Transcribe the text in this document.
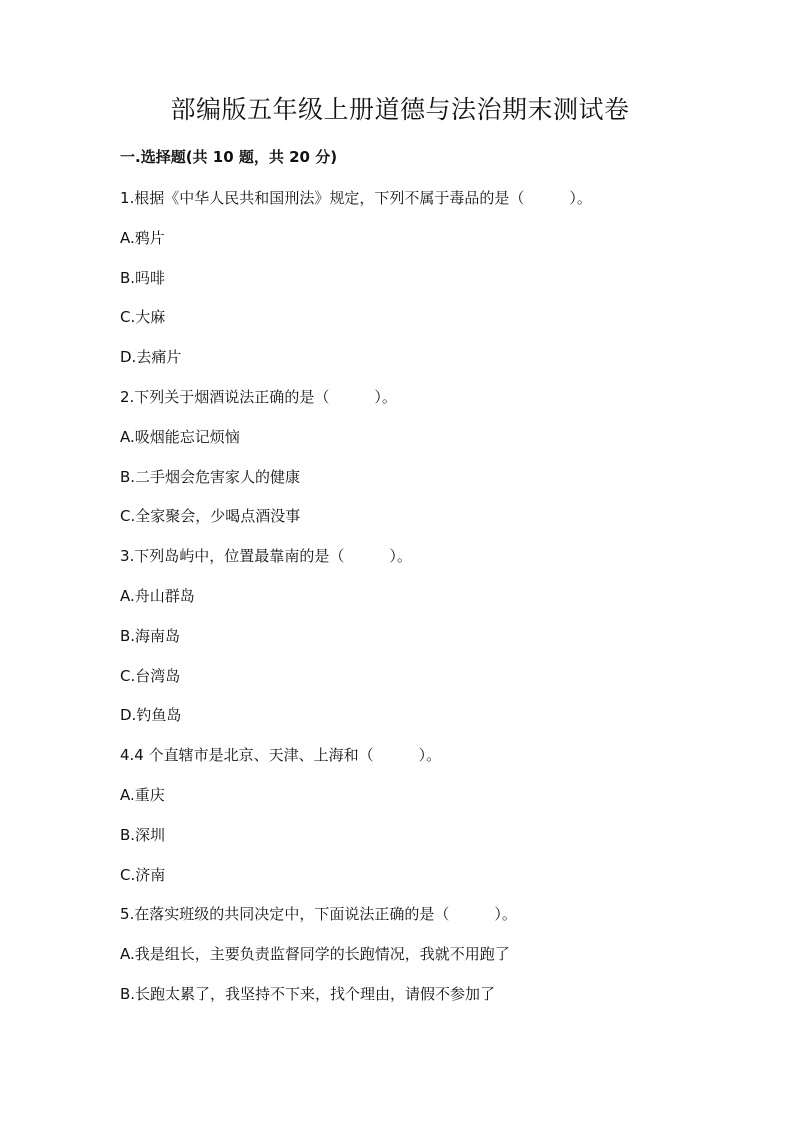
部编版五年级上册道德与法治期末测试卷
一.选择题(共 10 题，共 20 分)
1.根据《中华人民共和国刑法》规定，下列不属于毒品的是（　　　）。
A.鸦片
B.吗啡
C.大麻
D.去痛片
2.下列关于烟酒说法正确的是（　　　）。
A.吸烟能忘记烦恼
B.二手烟会危害家人的健康
C.全家聚会，少喝点酒没事
3.下列岛屿中，位置最靠南的是（　　　）。
A.舟山群岛
B.海南岛
C.台湾岛
D.钓鱼岛
4.4 个直辖市是北京、天津、上海和（　　　）。
A.重庆
B.深圳
C.济南
5.在落实班级的共同决定中，下面说法正确的是（　　　）。
A.我是组长，主要负责监督同学的长跑情况，我就不用跑了
B.长跑太累了，我坚持不下来，找个理由，请假不参加了
